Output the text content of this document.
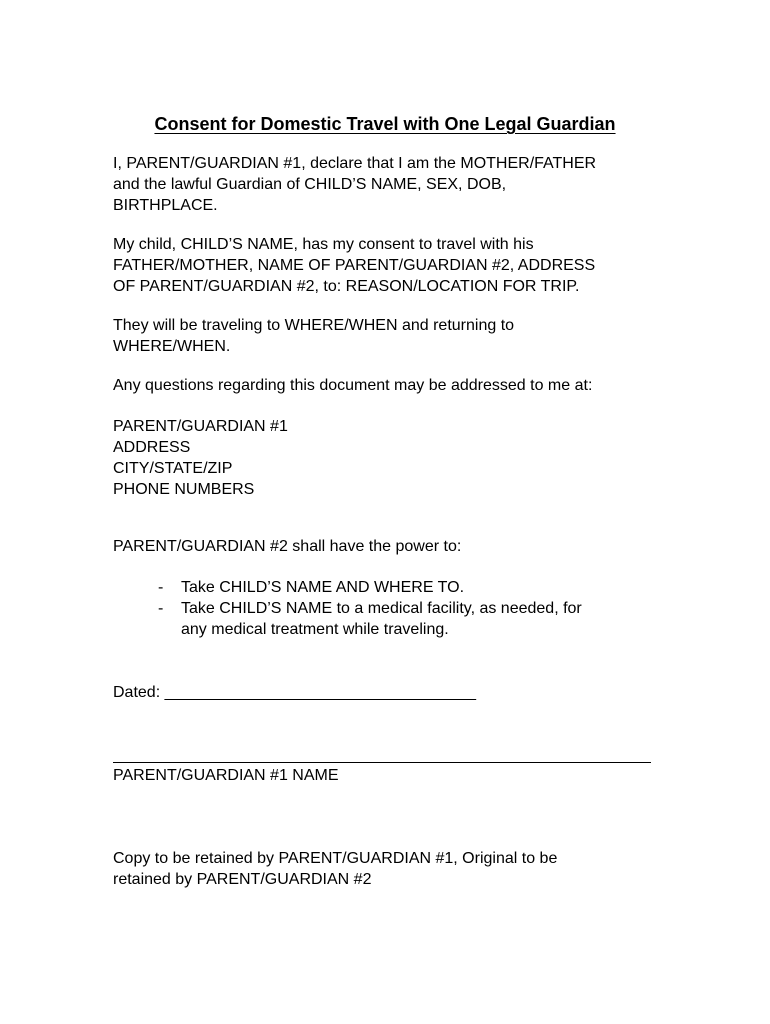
Consent for Domestic Travel with One Legal Guardian

I, PARENT/GUARDIAN #1, declare that I am the MOTHER/FATHER
and the lawful Guardian of CHILD’S NAME, SEX, DOB,
BIRTHPLACE.

My child, CHILD’S NAME, has my consent to travel with his
FATHER/MOTHER, NAME OF PARENT/GUARDIAN #2, ADDRESS
OF PARENT/GUARDIAN #2, to: REASON/LOCATION FOR TRIP.

They will be traveling to WHERE/WHEN and returning to
WHERE/WHEN.

Any questions regarding this document may be addressed to me at:

PARENT/GUARDIAN #1
ADDRESS
CITY/STATE/ZIP
PHONE NUMBERS

PARENT/GUARDIAN #2 shall have the power to:

- Take CHILD’S NAME AND WHERE TO.
- Take CHILD’S NAME to a medical facility, as needed, for
any medical treatment while traveling.

Dated: ___________________________________

PARENT/GUARDIAN #1 NAME

Copy to be retained by PARENT/GUARDIAN #1, Original to be
retained by PARENT/GUARDIAN #2
